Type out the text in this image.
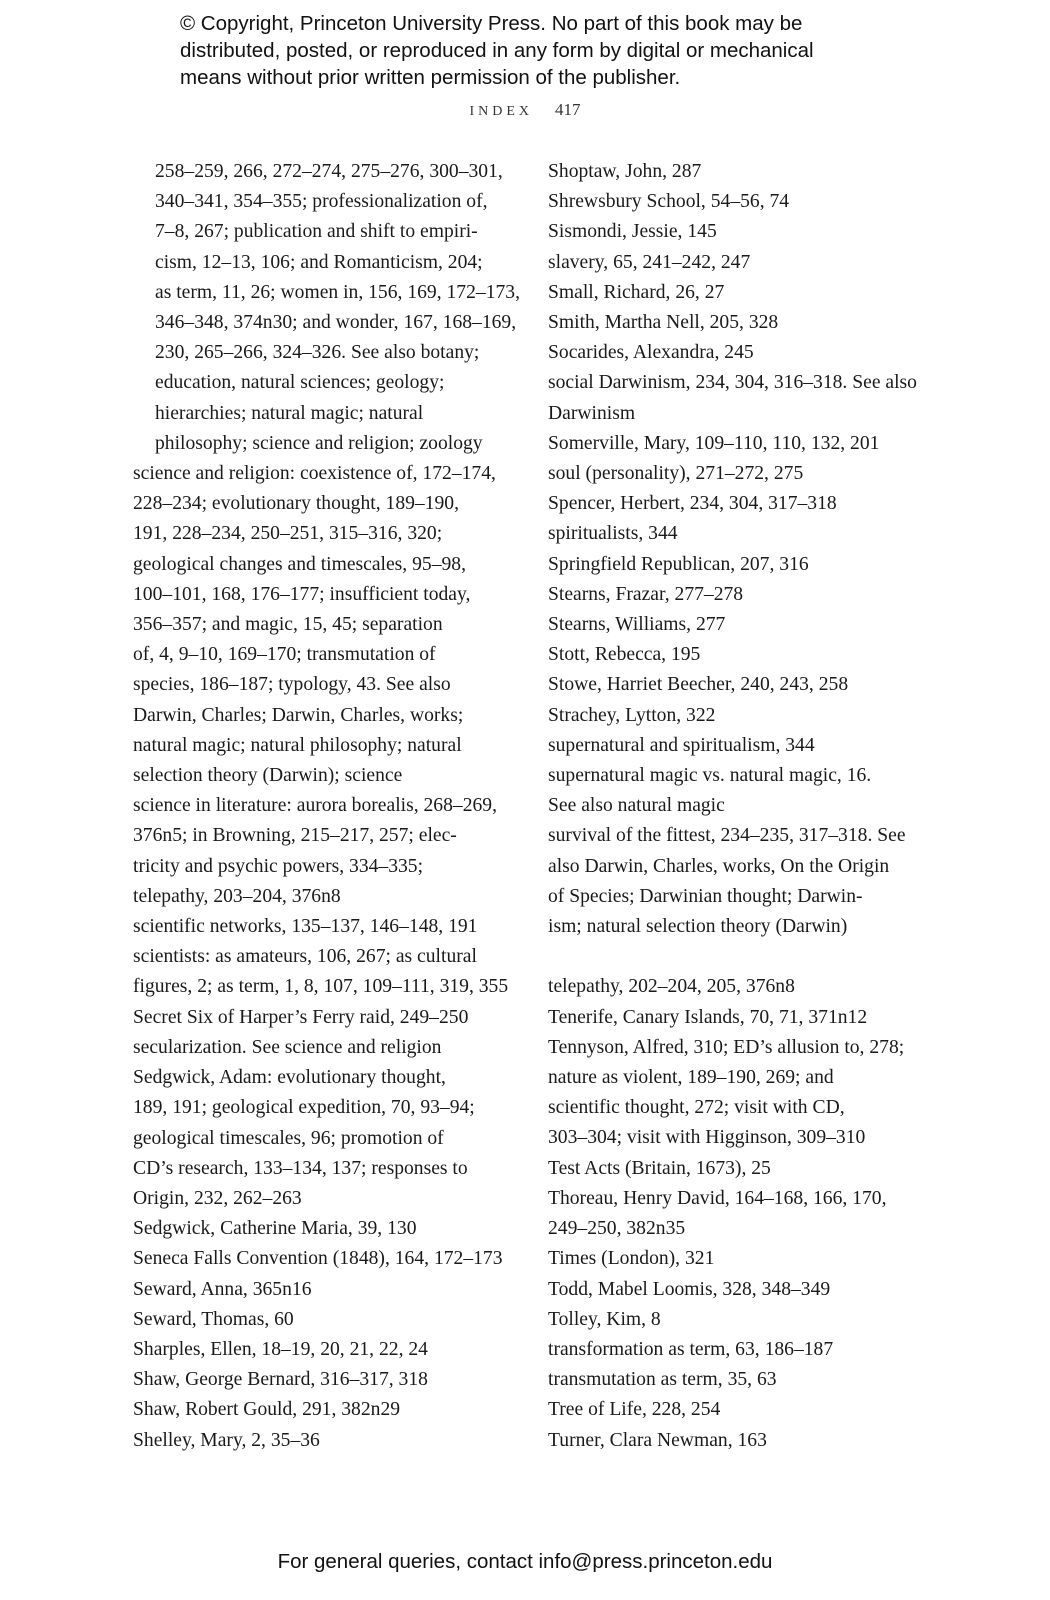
© Copyright, Princeton University Press. No part of this book may be
distributed, posted, or reproduced in any form by digital or mechanical
means without prior written permission of the publisher.
INDEX 417
258–259, 266, 272–274, 275–276, 300–301,
340–341, 354–355; professionalization of,
7–8, 267; publication and shift to empiri-
cism, 12–13, 106; and Romanticism, 204;
as term, 11, 26; women in, 156, 169, 172–173,
346–348, 374n30; and wonder, 167, 168–169,
230, 265–266, 324–326. See also botany;
education, natural sciences; geology;
hierarchies; natural magic; natural
philosophy; science and religion; zoology
science and religion: coexistence of, 172–174,
228–234; evolutionary thought, 189–190,
191, 228–234, 250–251, 315–316, 320;
geological changes and timescales, 95–98,
100–101, 168, 176–177; insufficient today,
356–357; and magic, 15, 45; separation
of, 4, 9–10, 169–170; transmutation of
species, 186–187; typology, 43. See also
Darwin, Charles; Darwin, Charles, works;
natural magic; natural philosophy; natural
selection theory (Darwin); science
science in literature: aurora borealis, 268–269,
376n5; in Browning, 215–217, 257; elec-
tricity and psychic powers, 334–335;
telepathy, 203–204, 376n8
scientific networks, 135–137, 146–148, 191
scientists: as amateurs, 106, 267; as cultural
figures, 2; as term, 1, 8, 107, 109–111, 319, 355
Secret Six of Harper’s Ferry raid, 249–250
secularization. See science and religion
Sedgwick, Adam: evolutionary thought,
189, 191; geological expedition, 70, 93–94;
geological timescales, 96; promotion of
CD’s research, 133–134, 137; responses to
Origin, 232, 262–263
Sedgwick, Catherine Maria, 39, 130
Seneca Falls Convention (1848), 164, 172–173
Seward, Anna, 365n16
Seward, Thomas, 60
Sharples, Ellen, 18–19, 20, 21, 22, 24
Shaw, George Bernard, 316–317, 318
Shaw, Robert Gould, 291, 382n29
Shelley, Mary, 2, 35–36
Shoptaw, John, 287
Shrewsbury School, 54–56, 74
Sismondi, Jessie, 145
slavery, 65, 241–242, 247
Small, Richard, 26, 27
Smith, Martha Nell, 205, 328
Socarides, Alexandra, 245
social Darwinism, 234, 304, 316–318. See also
Darwinism
Somerville, Mary, 109–110, 110, 132, 201
soul (personality), 271–272, 275
Spencer, Herbert, 234, 304, 317–318
spiritualists, 344
Springfield Republican, 207, 316
Stearns, Frazar, 277–278
Stearns, Williams, 277
Stott, Rebecca, 195
Stowe, Harriet Beecher, 240, 243, 258
Strachey, Lytton, 322
supernatural and spiritualism, 344
supernatural magic vs. natural magic, 16.
See also natural magic
survival of the fittest, 234–235, 317–318. See
also Darwin, Charles, works, On the Origin
of Species; Darwinian thought; Darwin-
ism; natural selection theory (Darwin)
telepathy, 202–204, 205, 376n8
Tenerife, Canary Islands, 70, 71, 371n12
Tennyson, Alfred, 310; ED’s allusion to, 278;
nature as violent, 189–190, 269; and
scientific thought, 272; visit with CD,
303–304; visit with Higginson, 309–310
Test Acts (Britain, 1673), 25
Thoreau, Henry David, 164–168, 166, 170,
249–250, 382n35
Times (London), 321
Todd, Mabel Loomis, 328, 348–349
Tolley, Kim, 8
transformation as term, 63, 186–187
transmutation as term, 35, 63
Tree of Life, 228, 254
Turner, Clara Newman, 163
For general queries, contact info@press.princeton.edu
